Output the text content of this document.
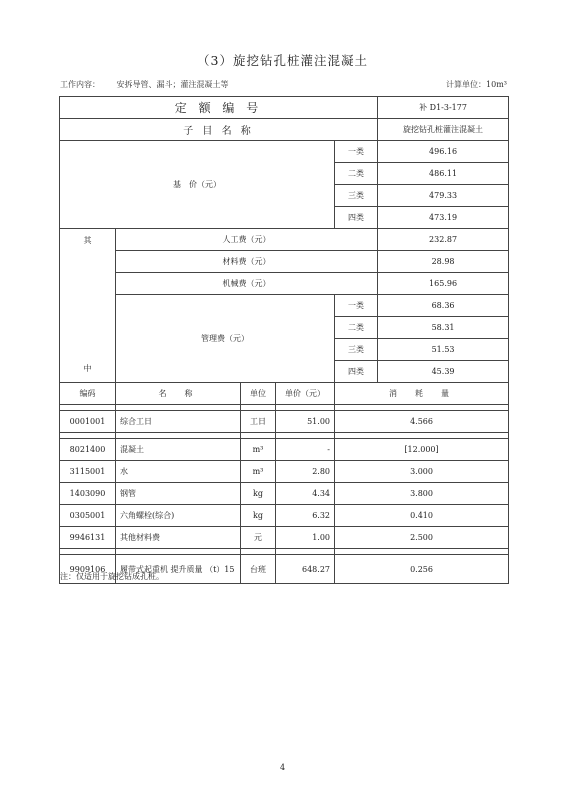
（3）旋挖钻孔桩灌注混凝土
工作内容： 安拆导管、漏斗；灌注混凝土等	计算单位：10m³
定 额 编 号					补 D1-3-177
子 目 名 称					旋挖钻孔桩灌注混凝土
基　价（元）				一类	496.16
				二类	486.11
				三类	479.33
				四类	473.19

其
中	人工费（元）				232.87
	材料费（元）				28.98
	机械费（元）				165.96
	管理费（元）			一类	68.36
				二类	58.31
				三类	51.53
				四类	45.39
编码	名　称	单位	单价（元）	消　耗　量	

0001001	综合工日	工日	51.00	4.566	

8021400	混凝土	m³	-	[12.000]	
3115001	水	m³	2.80	3.000	
1403090	钢管	kg	4.34	3.800	
0305001	六角螺栓(综合)	kg	6.32	0.410	
9946131	其他材料费	元	1.00	2.500	

9909106	履带式起重机 提升质量 （t）15	台班	648.27	0.256	
注：仅适用于旋挖钻成孔桩。
4
